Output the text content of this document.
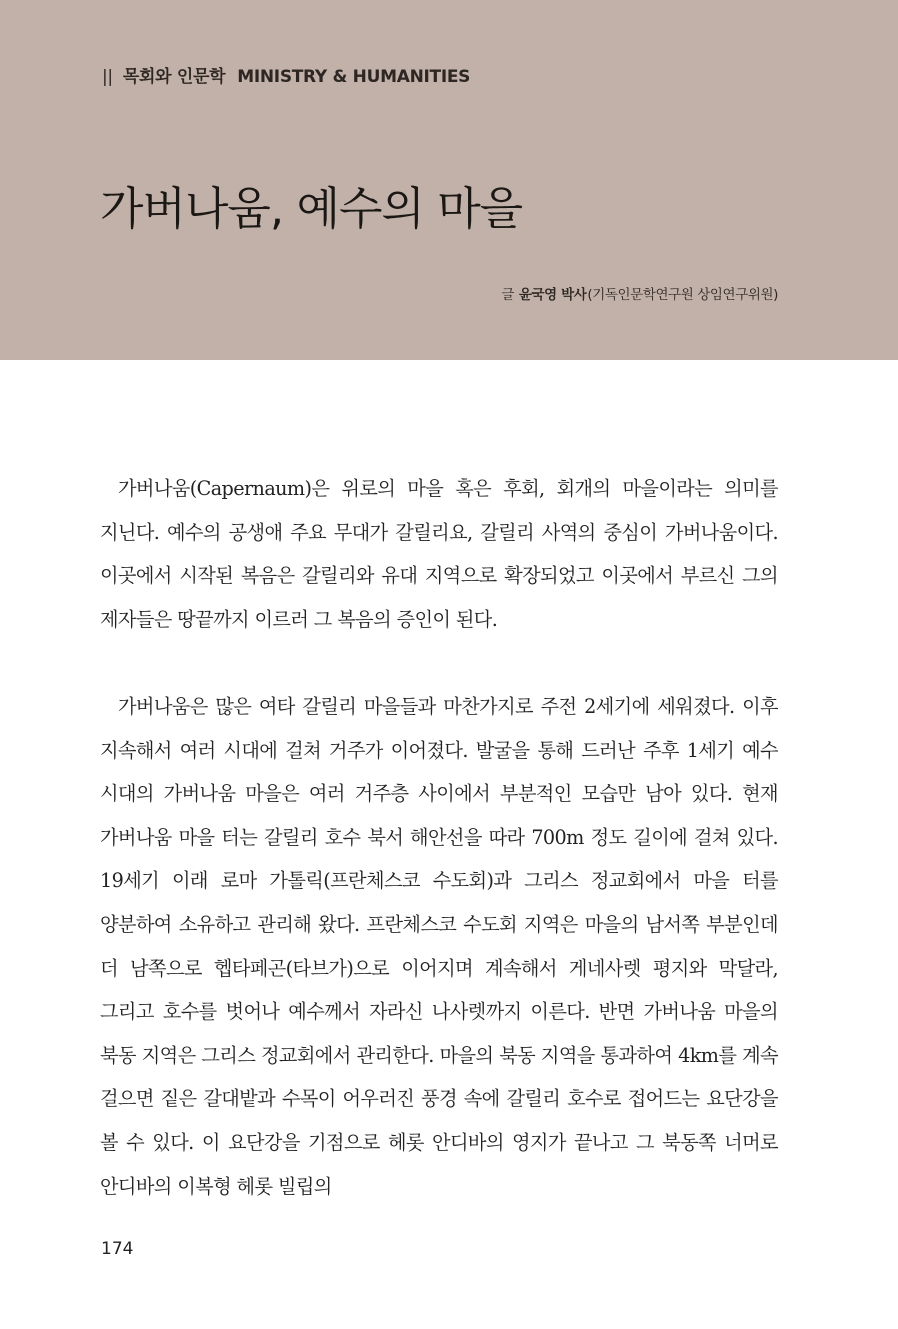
|| 목회와 인문학 MINISTRY & HUMANITIES
가버나움, 예수의 마을
글 윤국영 박사(기독인문학연구원 상임연구위원)

가버나움(Capernaum)은 위로의 마을 혹은 후회, 회개의 마을이라는 의미를 지닌다. 예수의 공생애 주요 무대가 갈릴리요, 갈릴리 사역의 중심이 가버나움이다. 이곳에서 시작된 복음은 갈릴리와 유대 지역으로 확장되었고 이곳에서 부르신 그의 제자들은 땅끝까지 이르러 그 복음의 증인이 된다.

가버나움은 많은 여타 갈릴리 마을들과 마찬가지로 주전 2세기에 세워졌다. 이후 지속해서 여러 시대에 걸쳐 거주가 이어졌다. 발굴을 통해 드러난 주후 1세기 예수 시대의 가버나움 마을은 여러 거주층 사이에서 부분적인 모습만 남아 있다. 현재 가버나움 마을 터는 갈릴리 호수 북서 해안선을 따라 700m 정도 길이에 걸쳐 있다. 19세기 이래 로마 가톨릭(프란체스코 수도회)과 그리스 정교회에서 마을 터를 양분하여 소유하고 관리해 왔다. 프란체스코 수도회 지역은 마을의 남서쪽 부분인데 더 남쪽으로 헵타페곤(타브가)으로 이어지며 계속해서 게네사렛 평지와 막달라, 그리고 호수를 벗어나 예수께서 자라신 나사렛까지 이른다. 반면 가버나움 마을의 북동 지역은 그리스 정교회에서 관리한다. 마을의 북동 지역을 통과하여 4km를 계속 걸으면 짙은 갈대밭과 수목이 어우러진 풍경 속에 갈릴리 호수로 접어드는 요단강을 볼 수 있다. 이 요단강을 기점으로 헤롯 안디바의 영지가 끝나고 그 북동쪽 너머로 안디바의 이복형 헤롯 빌립의

174
